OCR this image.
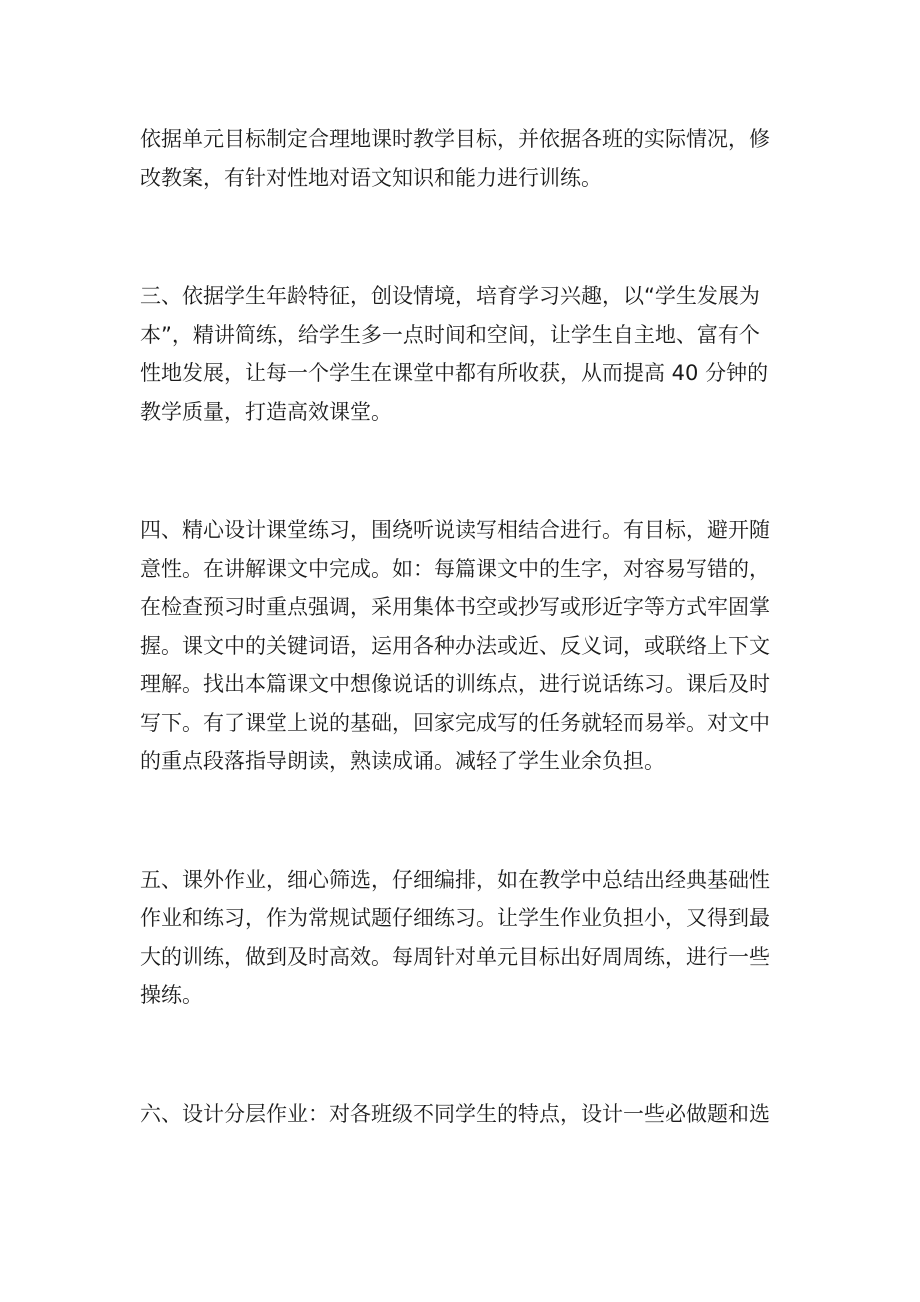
依据单元目标制定合理地课时教学目标，并依据各班的实际情况，修
改教案，有针对性地对语文知识和能力进行训练。

三、依据学生年龄特征，创设情境，培育学习兴趣，以“学生发展为
本”，精讲简练，给学生多一点时间和空间，让学生自主地、富有个
性地发展，让每一个学生在课堂中都有所收获，从而提高 40 分钟的
教学质量，打造高效课堂。

四、精心设计课堂练习，围绕听说读写相结合进行。有目标，避开随
意性。在讲解课文中完成。如：每篇课文中的生字，对容易写错的，
在检查预习时重点强调，采用集体书空或抄写或形近字等方式牢固掌
握。课文中的关键词语，运用各种办法或近、反义词，或联络上下文
理解。找出本篇课文中想像说话的训练点，进行说话练习。课后及时
写下。有了课堂上说的基础，回家完成写的任务就轻而易举。对文中
的重点段落指导朗读，熟读成诵。减轻了学生业余负担。

五、课外作业，细心筛选，仔细编排，如在教学中总结出经典基础性
作业和练习，作为常规试题仔细练习。让学生作业负担小，又得到最
大的训练，做到及时高效。每周针对单元目标出好周周练，进行一些
操练。

六、设计分层作业：对各班级不同学生的特点，设计一些必做题和选
